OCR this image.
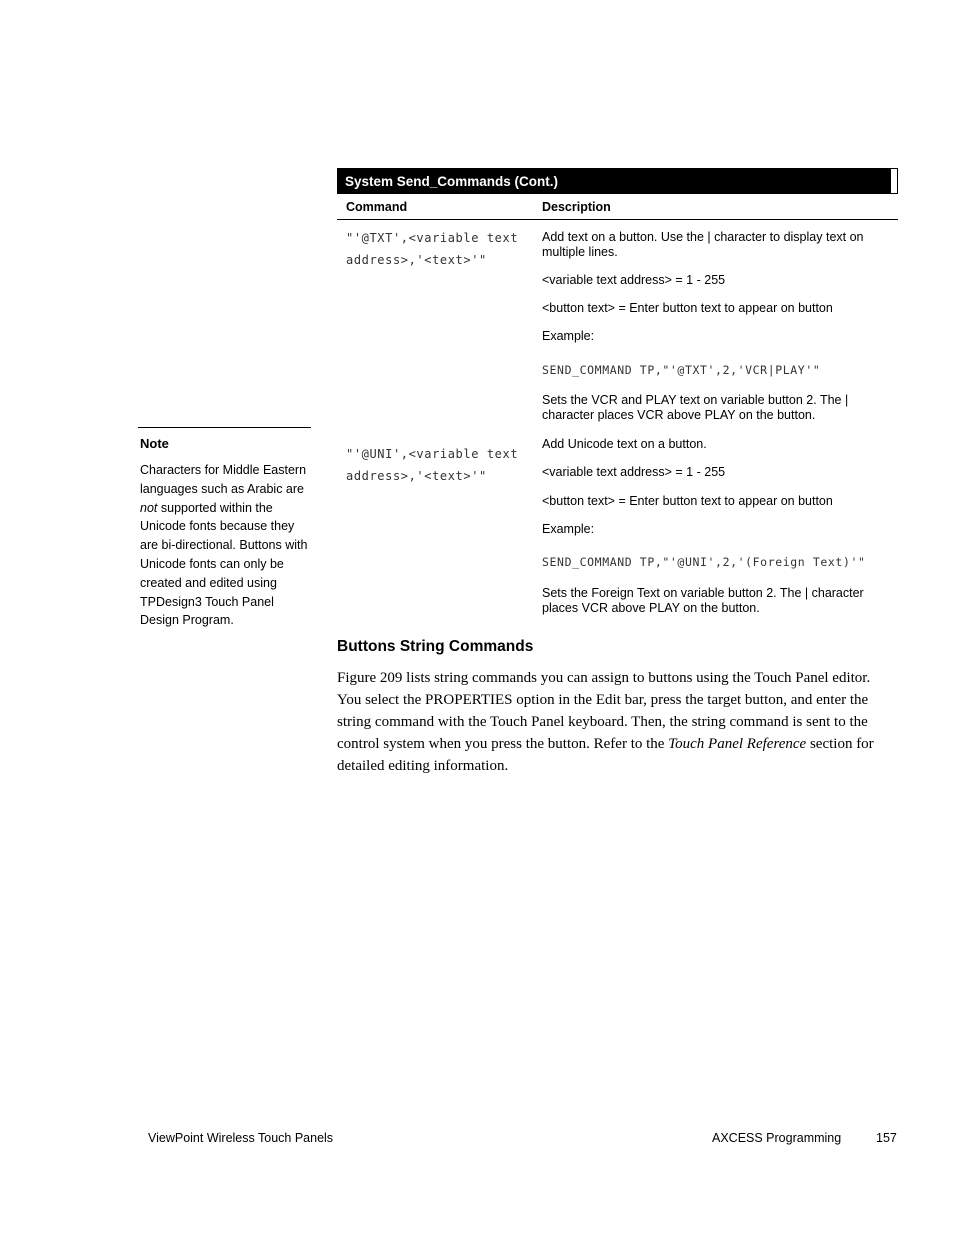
System Send_Commands (Cont.)
Command	Description
"'@TXT',<variable text
address>,'<text>'"
Add text on a button. Use the | character to display text on multiple lines.
<variable text address> = 1 - 255
<button text> = Enter button text to appear on button
Example:
SEND_COMMAND TP,"'@TXT',2,'VCR|PLAY'"
Sets the VCR and PLAY text on variable button 2. The | character places VCR above PLAY on the button.
"'@UNI',<variable text
address>,'<text>'"
Add Unicode text on a button.
<variable text address> = 1 - 255
<button text> = Enter button text to appear on button
Example:
SEND_COMMAND TP,"'@UNI',2,'(Foreign Text)'"
Sets the Foreign Text on variable button 2. The | character places VCR above PLAY on the button.
Note
Characters for Middle Eastern languages such as Arabic are not supported within the Unicode fonts because they are bi-directional. Buttons with Unicode fonts can only be created and edited using TPDesign3 Touch Panel Design Program.
Buttons String Commands
Figure 209 lists string commands you can assign to buttons using the Touch Panel editor. You select the PROPERTIES option in the Edit bar, press the target button, and enter the string command with the Touch Panel keyboard. Then, the string command is sent to the control system when you press the button. Refer to the Touch Panel Reference section for detailed editing information.
ViewPoint Wireless Touch Panels	AXCESS Programming	157
